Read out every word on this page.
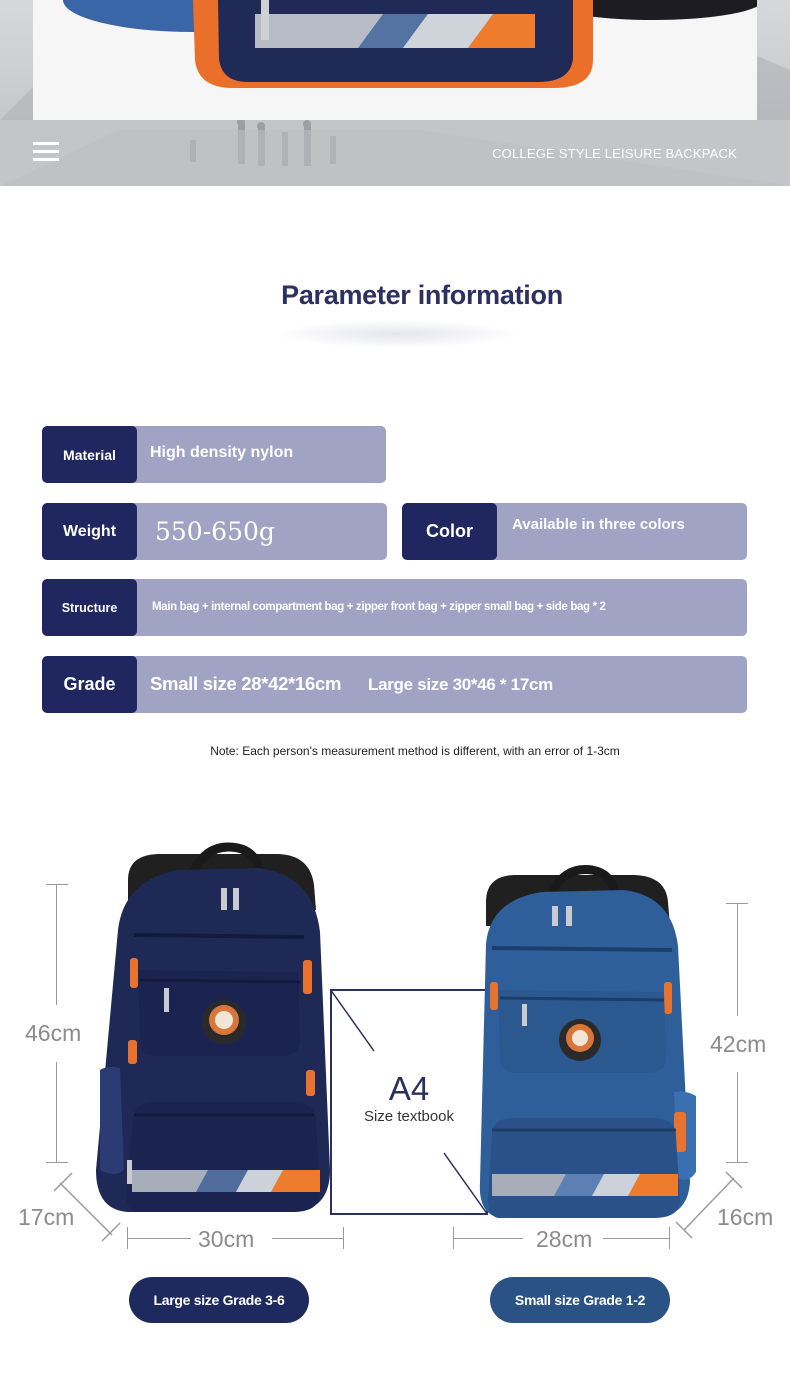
COLLEGE STYLE LEISURE BACKPACK
Parameter information
Material	High density nylon
Weight	550-650g	Color	Available in three colors
Structure	Main bag + internal compartment bag + zipper front bag + zipper small bag + side bag * 2
Grade	Small size 28*42*16cm Large size 30*46 * 17cm
Note: Each person's measurement method is different, with an error of 1-3cm
46cm
17cm
30cm
A4
Size textbook
42cm
16cm
28cm
Large size Grade 3-6	Small size Grade 1-2
